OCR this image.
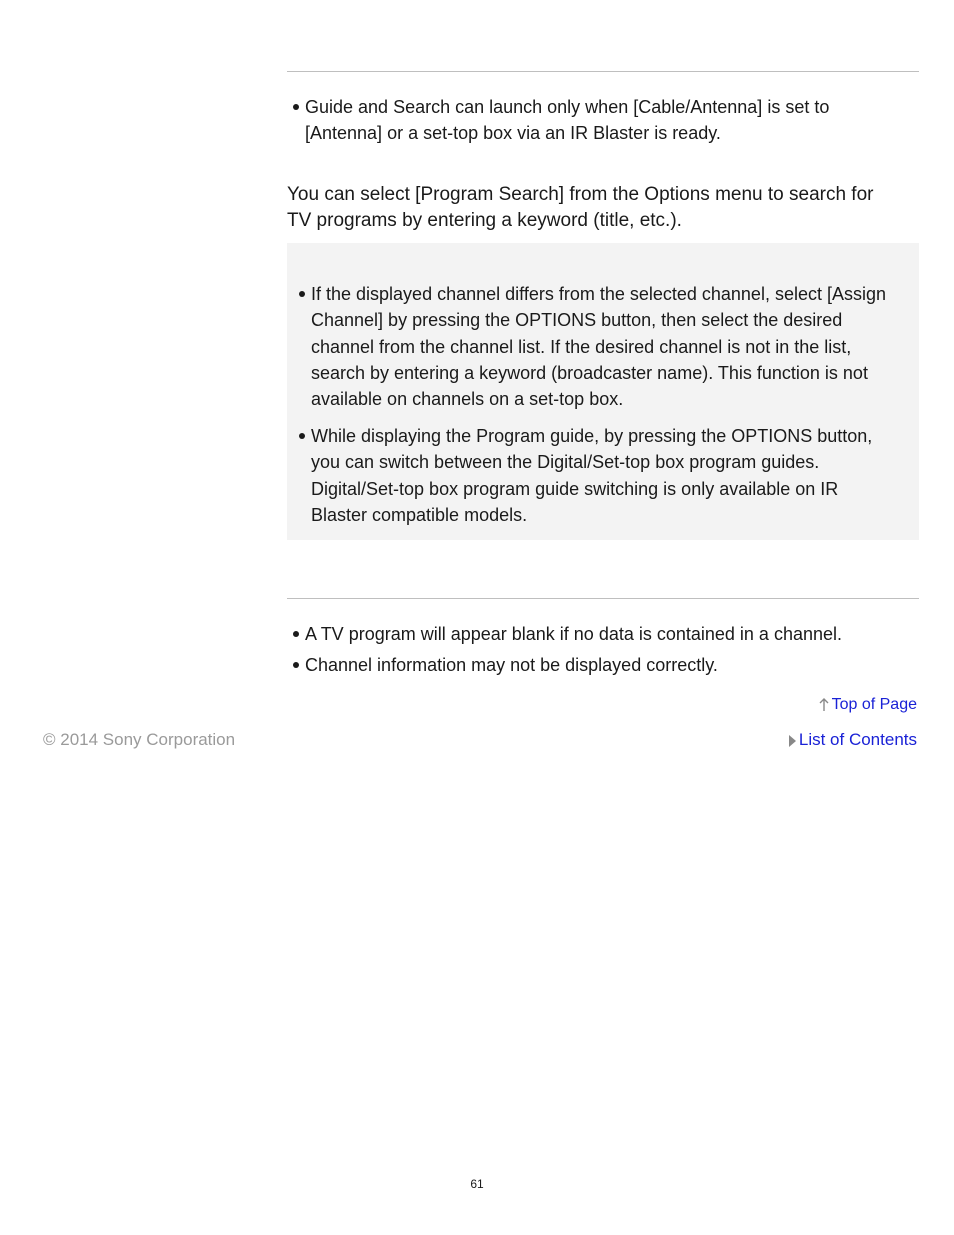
Guide and Search can launch only when [Cable/Antenna] is set to
[Antenna] or a set-top box via an IR Blaster is ready.
You can select [Program Search] from the Options menu to search for
TV programs by entering a keyword (title, etc.).
If the displayed channel differs from the selected channel, select [Assign
Channel] by pressing the OPTIONS button, then select the desired
channel from the channel list. If the desired channel is not in the list,
search by entering a keyword (broadcaster name). This function is not
available on channels on a set-top box.
While displaying the Program guide, by pressing the OPTIONS button,
you can switch between the Digital/Set-top box program guides.
Digital/Set-top box program guide switching is only available on IR
Blaster compatible models.
A TV program will appear blank if no data is contained in a channel.
Channel information may not be displayed correctly.
Top of Page
© 2014 Sony Corporation	List of Contents
61
